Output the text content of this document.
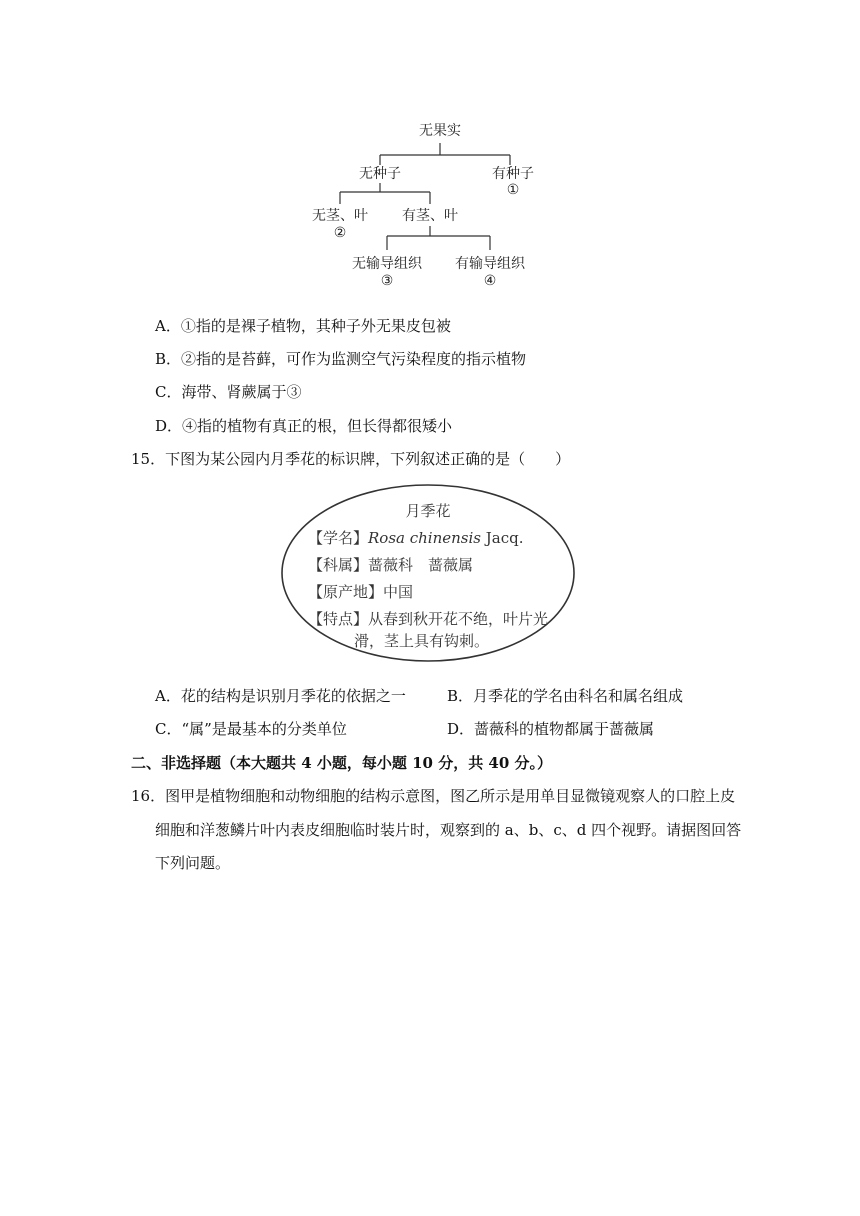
无果实
无种子	有种子
①
无茎、叶
②
有茎、叶
无输导组织
③
有输导组织
④
A．①指的是裸子植物，其种子外无果皮包被
B．②指的是苔藓，可作为监测空气污染程度的指示植物
C．海带、肾蕨属于③
D．④指的植物有真正的根，但长得都很矮小
15．下图为某公园内月季花的标识牌，下列叙述正确的是（　　）
月季花
【学名】Rosa chinensis Jacq.
【科属】蔷薇科　蔷薇属
【原产地】中国
【特点】从春到秋开花不绝，叶片光
滑，茎上具有钩刺。
A．花的结构是识别月季花的依据之一	B．月季花的学名由科名和属名组成
C．“属”是最基本的分类单位	D．蔷薇科的植物都属于蔷薇属
二、非选择题（本大题共 4 小题，每小题 10 分，共 40 分。）
16．图甲是植物细胞和动物细胞的结构示意图，图乙所示是用单目显微镜观察人的口腔上皮
细胞和洋葱鳞片叶内表皮细胞临时装片时，观察到的 a、b、c、d 四个视野。请据图回答
下列问题。
